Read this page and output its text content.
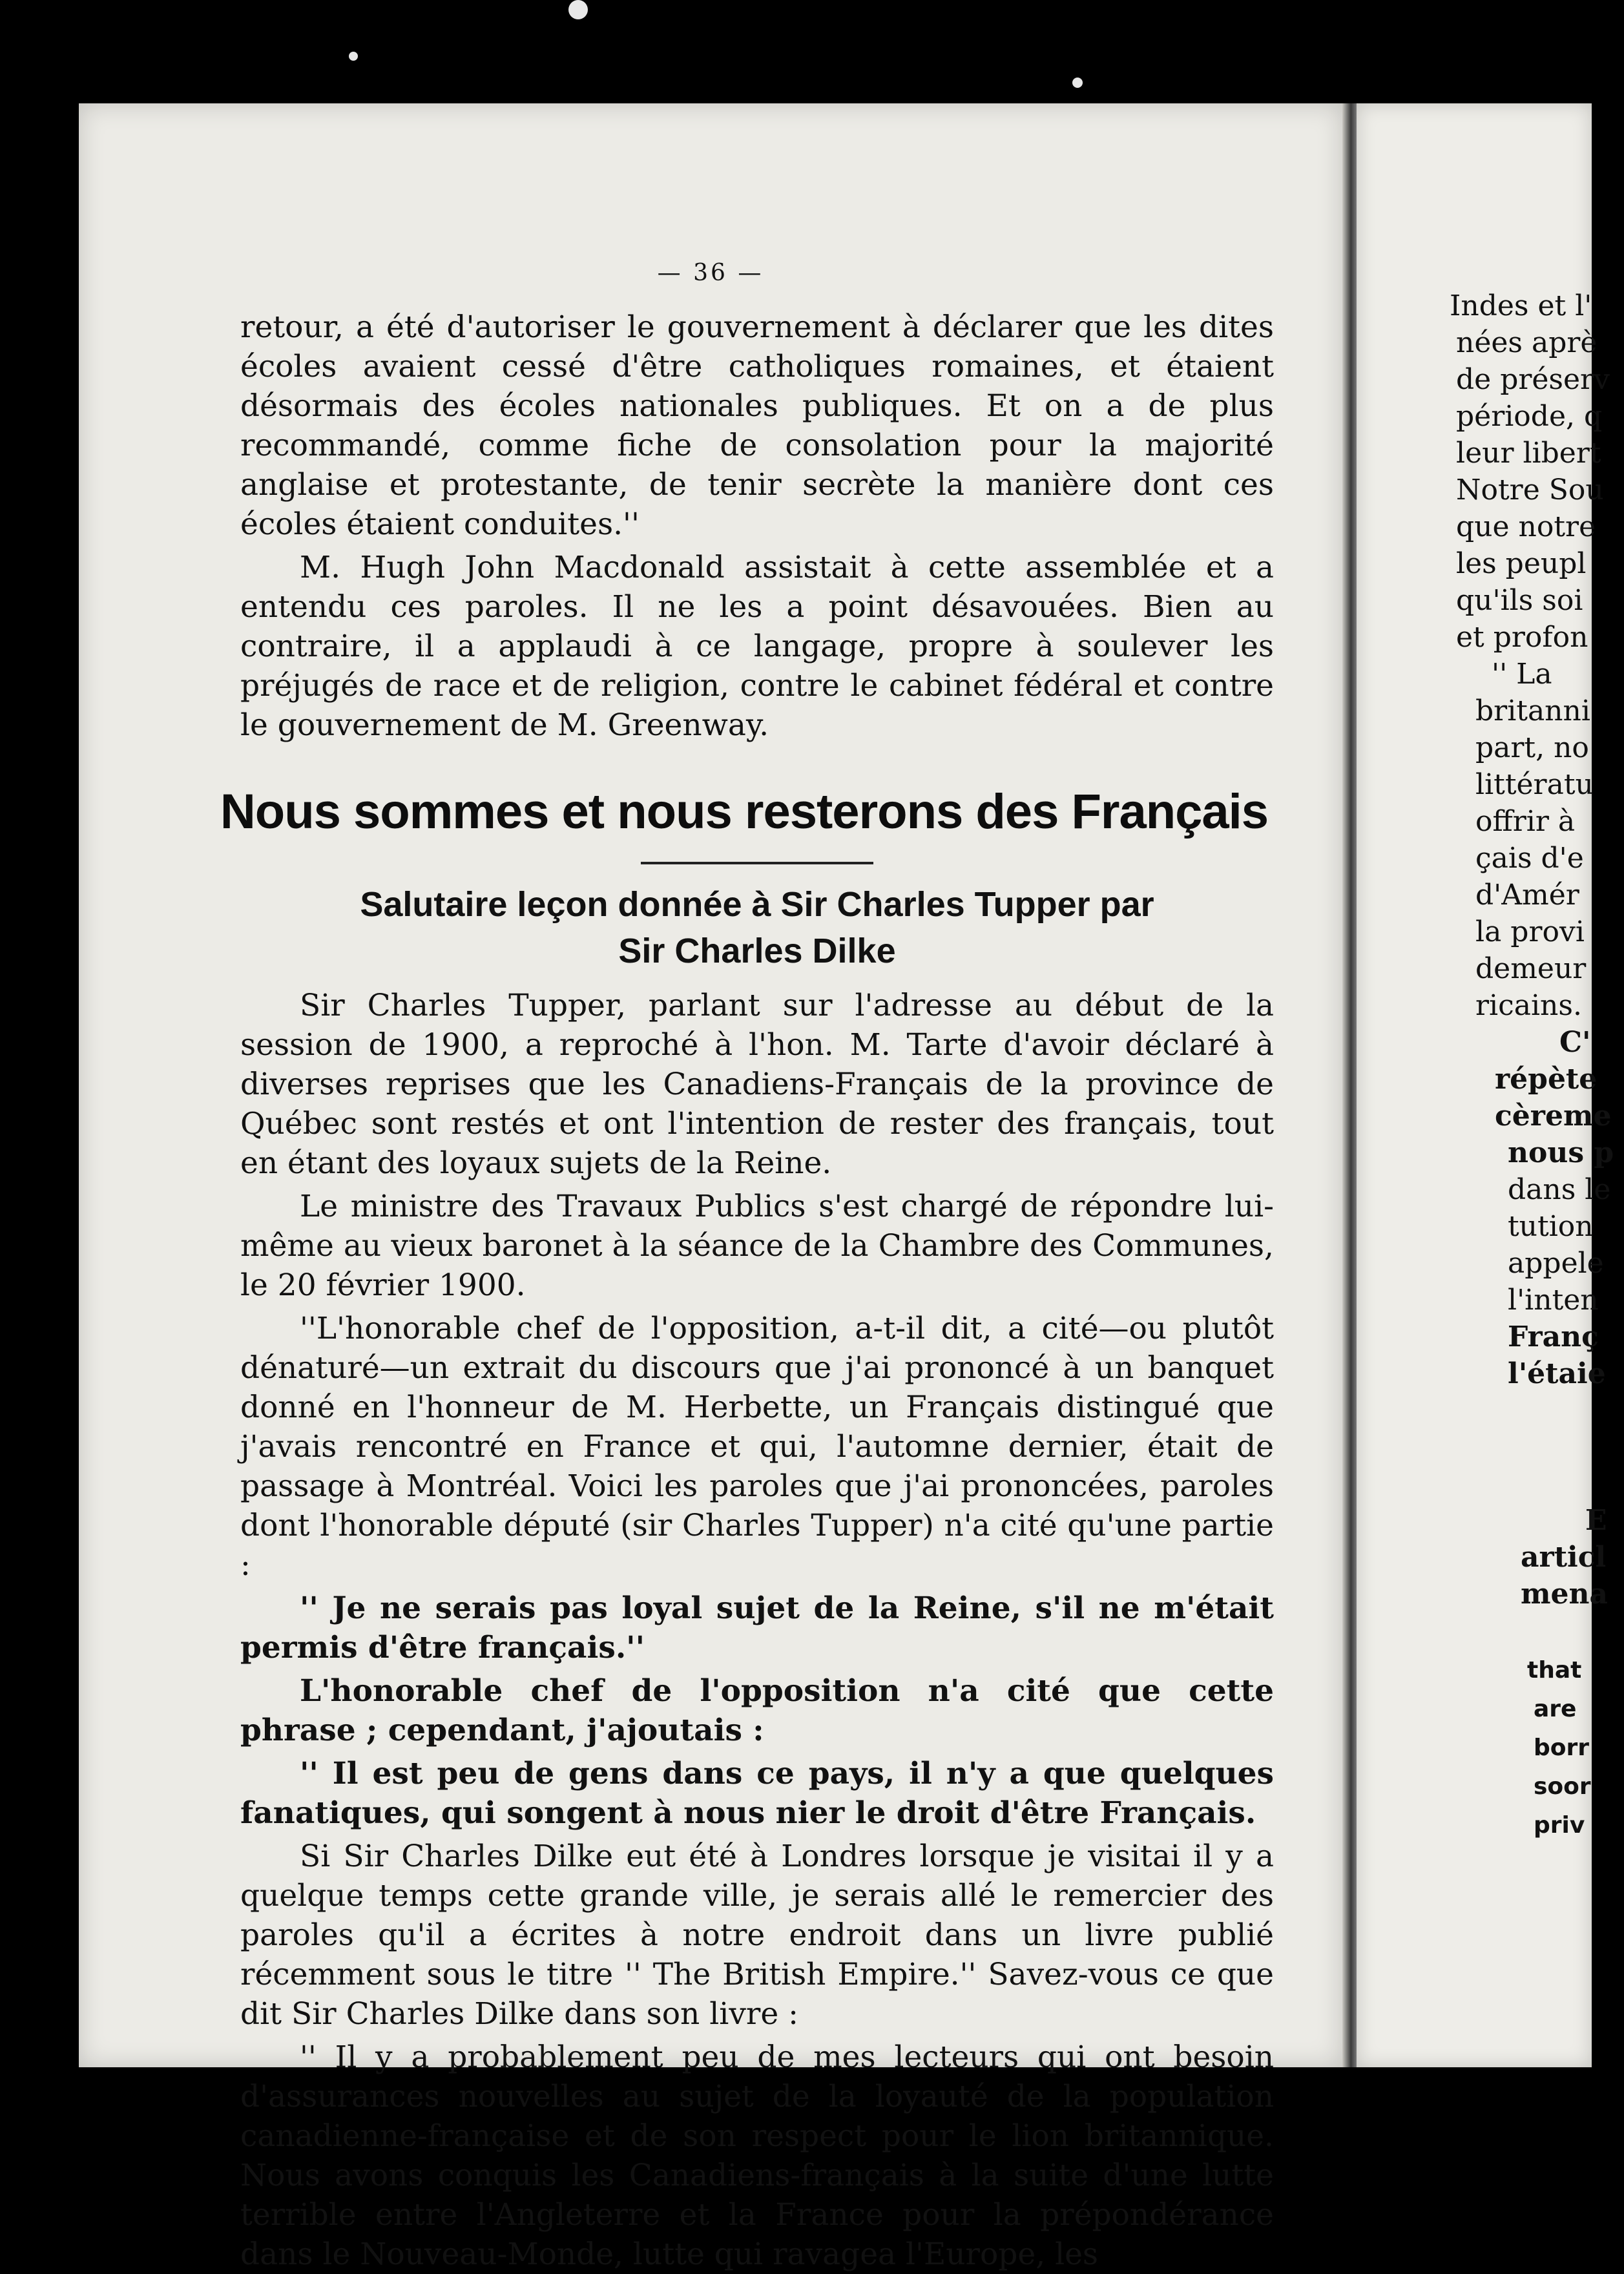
— 36 —

retour, a été d'autoriser le gouvernement à déclarer que les dites écoles avaient cessé d'être catholiques romaines, et étaient désormais des écoles nationales publiques. Et on a de plus recommandé, comme fiche de consolation pour la majorité anglaise et protestante, de tenir secrète la manière dont ces écoles étaient conduites.''

M. Hugh John Macdonald assistait à cette assemblée et a entendu ces paroles. Il ne les a point désavouées. Bien au contraire, il a applaudi à ce langage, propre à soulever les préjugés de race et de religion, contre le cabinet fédéral et contre le gouvernement de M. Greenway.

Nous sommes et nous resterons des Français
Salutaire leçon donnée à Sir Charles Tupper par
Sir Charles Dilke

Sir Charles Tupper, parlant sur l'adresse au début de la session de 1900, a reproché à l'hon. M. Tarte d'avoir déclaré à diverses reprises que les Canadiens-Français de la province de Québec sont restés et ont l'intention de rester des français, tout en étant des loyaux sujets de la Reine.

Le ministre des Travaux Publics s'est chargé de répondre lui-même au vieux baronet à la séance de la Chambre des Communes, le 20 février 1900.

''L'honorable chef de l'opposition, a-t-il dit, a cité—ou plutôt dénaturé—un extrait du discours que j'ai prononcé à un banquet donné en l'honneur de M. Herbette, un Français distingué que j'avais rencontré en France et qui, l'automne dernier, était de passage à Montréal. Voici les paroles que j'ai prononcées, paroles dont l'honorable député (sir Charles Tupper) n'a cité qu'une partie :

'' Je ne serais pas loyal sujet de la Reine, s'il ne m'était permis d'être français.''

L'honorable chef de l'opposition n'a cité que cette phrase ; cependant, j'ajoutais :

'' Il est peu de gens dans ce pays, il n'y a que quelques fanatiques, qui songent à nous nier le droit d'être Français.

Si Sir Charles Dilke eut été à Londres lorsque je visitai il y a quelque temps cette grande ville, je serais allé le remercier des paroles qu'il a écrites à notre endroit dans un livre publié récemment sous le titre '' The British Empire.'' Savez-vous ce que dit Sir Charles Dilke dans son livre :

'' Il y a probablement peu de mes lecteurs qui ont besoin d'assurances nouvelles au sujet de la loyauté de la population canadienne-française et de son respect pour le lion britannique. Nous avons conquis les Canadiens-français à la suite d'une lutte terrible entre l'Angleterre et la France pour la prépondérance dans le Nouveau-Monde, lutte qui ravagea l'Europe, les

Indes et l'
nées aprè
de préserv
période, q
leur libert
Notre Sou
que notre
les peupl
qu'ils soi
et profon
'' La
britanni
part, no
littératu
offrir à
çais d'e
d'Amér
la provi
demeur
ricains.
C'
répète
cèreme
nous p
dans le
tution
appele
l'inten
Franç
l'étaie
E
articl
mena
that
are
borr
soor
priv
